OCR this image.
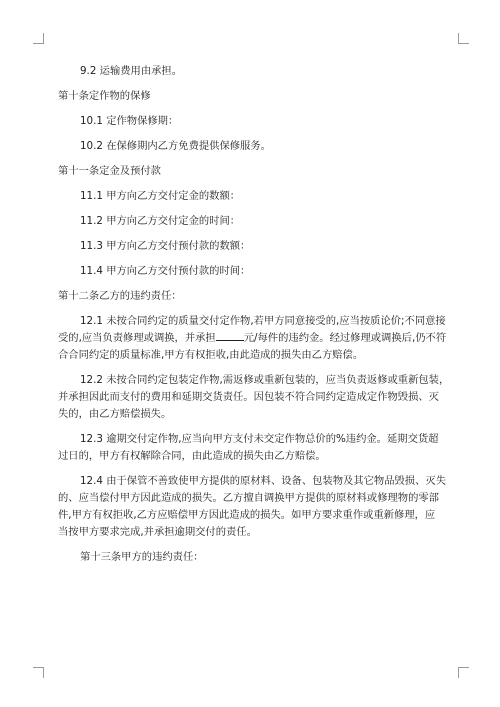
9.2 运输费用由承担。

第十条定作物的保修

10.1 定作物保修期：

10.2 在保修期内乙方免费提供保修服务。

第十一条定金及预付款

11.1 甲方向乙方交付定金的数额：

11.2 甲方向乙方交付定金的时间：

11.3 甲方向乙方交付预付款的数额：

11.4 甲方向乙方交付预付款的时间：

第十二条乙方的违约责任：

12.1 未按合同约定的质量交付定作物,若甲方同意接受的,应当按质论价;不同意接

受的,应当负责修理或调换，并承担	元/每件的违约金。经过修理或调换后,仍不符

合合同约定的质量标准,甲方有权拒收,由此造成的损失由乙方赔偿。

12.2 未按合同约定包装定作物,需返修或重新包装的，应当负责返修或重新包装，

并承担因此而支付的费用和延期交货责任。因包装不符合同约定造成定作物毁损、灭

失的，由乙方赔偿损失。

12.3 逾期交付定作物,应当向甲方支付未交定作物总价的%违约金。延期交货超

过日的，甲方有权解除合同，由此造成的损失由乙方赔偿。

12.4 由于保管不善致使甲方提供的原材料、设备、包装物及其它物品毁损、灭失

的、应当偿付甲方因此造成的损失。乙方擅自调换甲方提供的原材料或修理物的零部

件,甲方有权拒收,乙方应赔偿甲方因此造成的损失。如甲方要求重作或重新修理，应

当按甲方要求完成,并承担逾期交付的责任。

第十三条甲方的违约责任：
